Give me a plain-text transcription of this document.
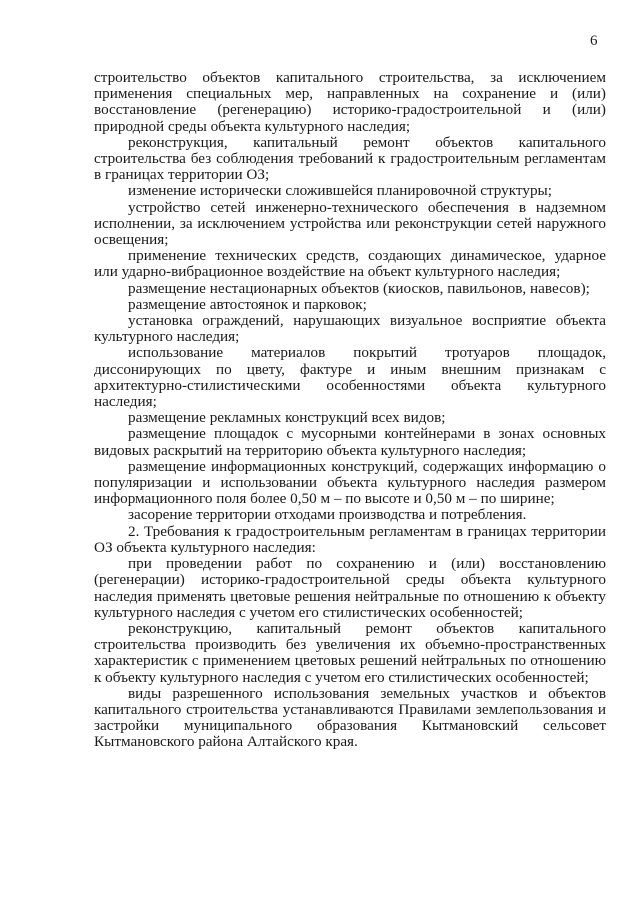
6

строительство объектов капитального строительства, за исключением применения специальных мер, направленных на сохранение и (или) восстановление (регенерацию) историко-градостроительной и (или) природной среды объекта культурного наследия;

реконструкция, капитальный ремонт объектов капитального строительства без соблюдения требований к градостроительным регламентам в границах территории ОЗ;

изменение исторически сложившейся планировочной структуры;

устройство сетей инженерно-технического обеспечения в надземном исполнении, за исключением устройства или реконструкции сетей наружного освещения;

применение технических средств, создающих динамическое, ударное или ударно-вибрационное воздействие на объект культурного наследия;

размещение нестационарных объектов (киосков, павильонов, навесов);

размещение автостоянок и парковок;

установка ограждений, нарушающих визуальное восприятие объекта культурного наследия;

использование материалов покрытий тротуаров площадок, диссонирующих по цвету, фактуре и иным внешним признакам с архитектурно-стилистическими особенностями объекта культурного наследия;

размещение рекламных конструкций всех видов;

размещение площадок с мусорными контейнерами в зонах основных видовых раскрытий на территорию объекта культурного наследия;

размещение информационных конструкций, содержащих информацию о популяризации и использовании объекта культурного наследия размером информационного поля более 0,50 м – по высоте и 0,50 м – по ширине;

засорение территории отходами производства и потребления.

2. Требования к градостроительным регламентам в границах территории ОЗ объекта культурного наследия:

при проведении работ по сохранению и (или) восстановлению (регенерации) историко-градостроительной среды объекта культурного наследия применять цветовые решения нейтральные по отношению к объекту культурного наследия с учетом его стилистических особенностей;

реконструкцию, капитальный ремонт объектов капитального строительства производить без увеличения их объемно-пространственных характеристик с применением цветовых решений нейтральных по отношению к объекту культурного наследия с учетом его стилистических особенностей;

виды разрешенного использования земельных участков и объектов капитального строительства устанавливаются Правилами землепользования и застройки муниципального образования Кытмановский сельсовет Кытмановского района Алтайского края.
